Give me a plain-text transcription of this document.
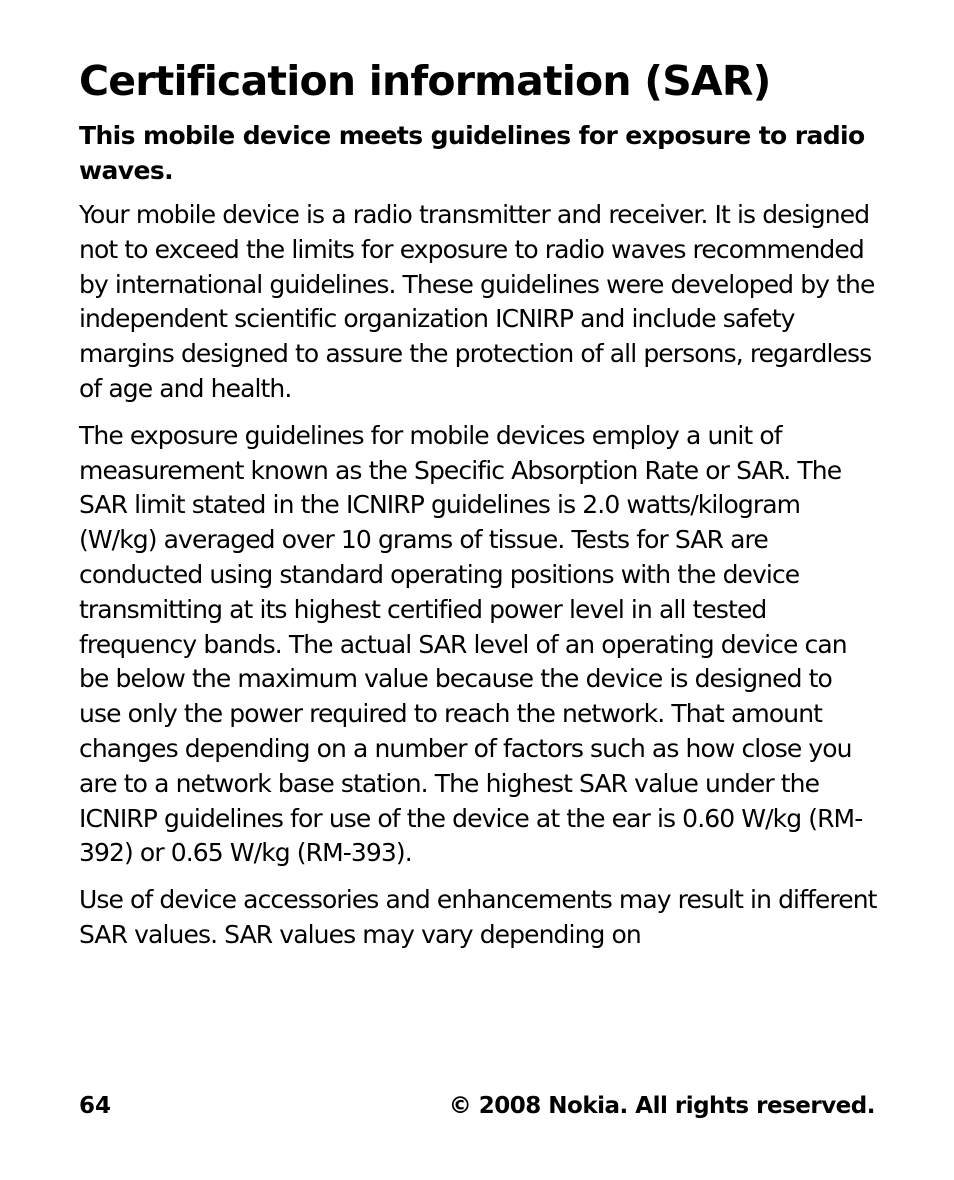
Certification information (SAR)

This mobile device meets guidelines for exposure to radio waves.

Your mobile device is a radio transmitter and receiver. It is designed not to exceed the limits for exposure to radio waves recommended by international guidelines. These guidelines were developed by the independent scientific organization ICNIRP and include safety margins designed to assure the protection of all persons, regardless of age and health.

The exposure guidelines for mobile devices employ a unit of measurement known as the Specific Absorption Rate or SAR. The SAR limit stated in the ICNIRP guidelines is 2.0 watts/kilogram (W/kg) averaged over 10 grams of tissue. Tests for SAR are conducted using standard operating positions with the device transmitting at its highest certified power level in all tested frequency bands. The actual SAR level of an operating device can be below the maximum value because the device is designed to use only the power required to reach the network. That amount changes depending on a number of factors such as how close you are to a network base station. The highest SAR value under the ICNIRP guidelines for use of the device at the ear is 0.60 W/kg (RM-392) or 0.65 W/kg (RM-393).

Use of device accessories and enhancements may result in different SAR values. SAR values may vary depending on

64	© 2008 Nokia. All rights reserved.
